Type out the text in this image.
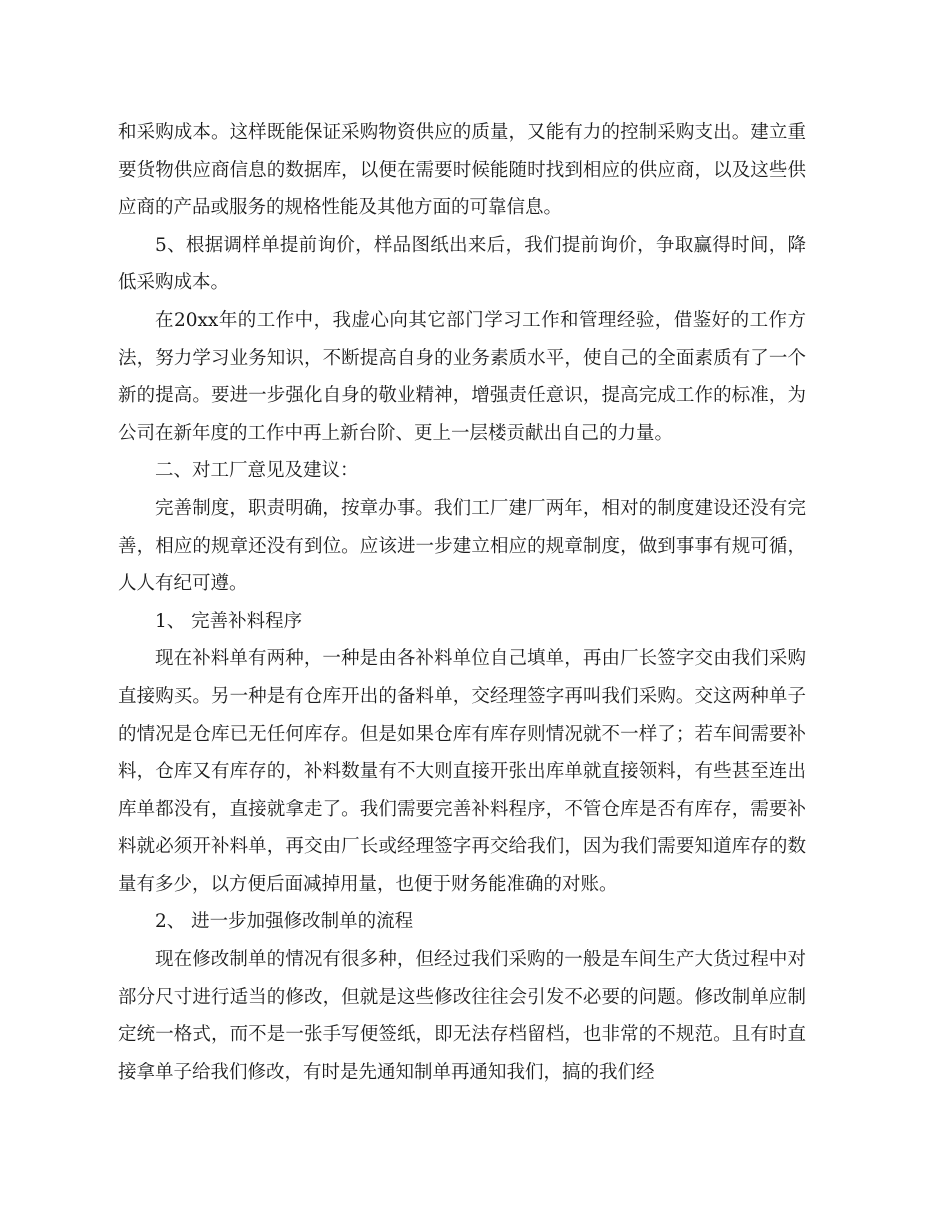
和采购成本。这样既能保证采购物资供应的质量，又能有力的控制采购支出。建立重要货物供应商信息的数据库，以便在需要时候能随时找到相应的供应商，以及这些供应商的产品或服务的规格性能及其他方面的可靠信息。

5、根据调样单提前询价，样品图纸出来后，我们提前询价，争取赢得时间，降低采购成本。

在20xx年的工作中，我虚心向其它部门学习工作和管理经验，借鉴好的工作方法，努力学习业务知识，不断提高自身的业务素质水平，使自己的全面素质有了一个新的提高。要进一步强化自身的敬业精神，增强责任意识，提高完成工作的标准，为公司在新年度的工作中再上新台阶、更上一层楼贡献出自己的力量。

二、对工厂意见及建议：

完善制度，职责明确，按章办事。我们工厂建厂两年，相对的制度建设还没有完善，相应的规章还没有到位。应该进一步建立相应的规章制度，做到事事有规可循，人人有纪可遵。

1、 完善补料程序

现在补料单有两种，一种是由各补料单位自己填单，再由厂长签字交由我们采购直接购买。另一种是有仓库开出的备料单，交经理签字再叫我们采购。交这两种单子的情况是仓库已无任何库存。但是如果仓库有库存则情况就不一样了；若车间需要补料，仓库又有库存的，补料数量有不大则直接开张出库单就直接领料，有些甚至连出库单都没有，直接就拿走了。我们需要完善补料程序，不管仓库是否有库存，需要补料就必须开补料单，再交由厂长或经理签字再交给我们，因为我们需要知道库存的数量有多少，以方便后面减掉用量，也便于财务能准确的对账。

2、 进一步加强修改制单的流程

现在修改制单的情况有很多种，但经过我们采购的一般是车间生产大货过程中对部分尺寸进行适当的修改，但就是这些修改往往会引发不必要的问题。修改制单应制定统一格式，而不是一张手写便签纸，即无法存档留档，也非常的不规范。且有时直接拿单子给我们修改，有时是先通知制单再通知我们，搞的我们经
